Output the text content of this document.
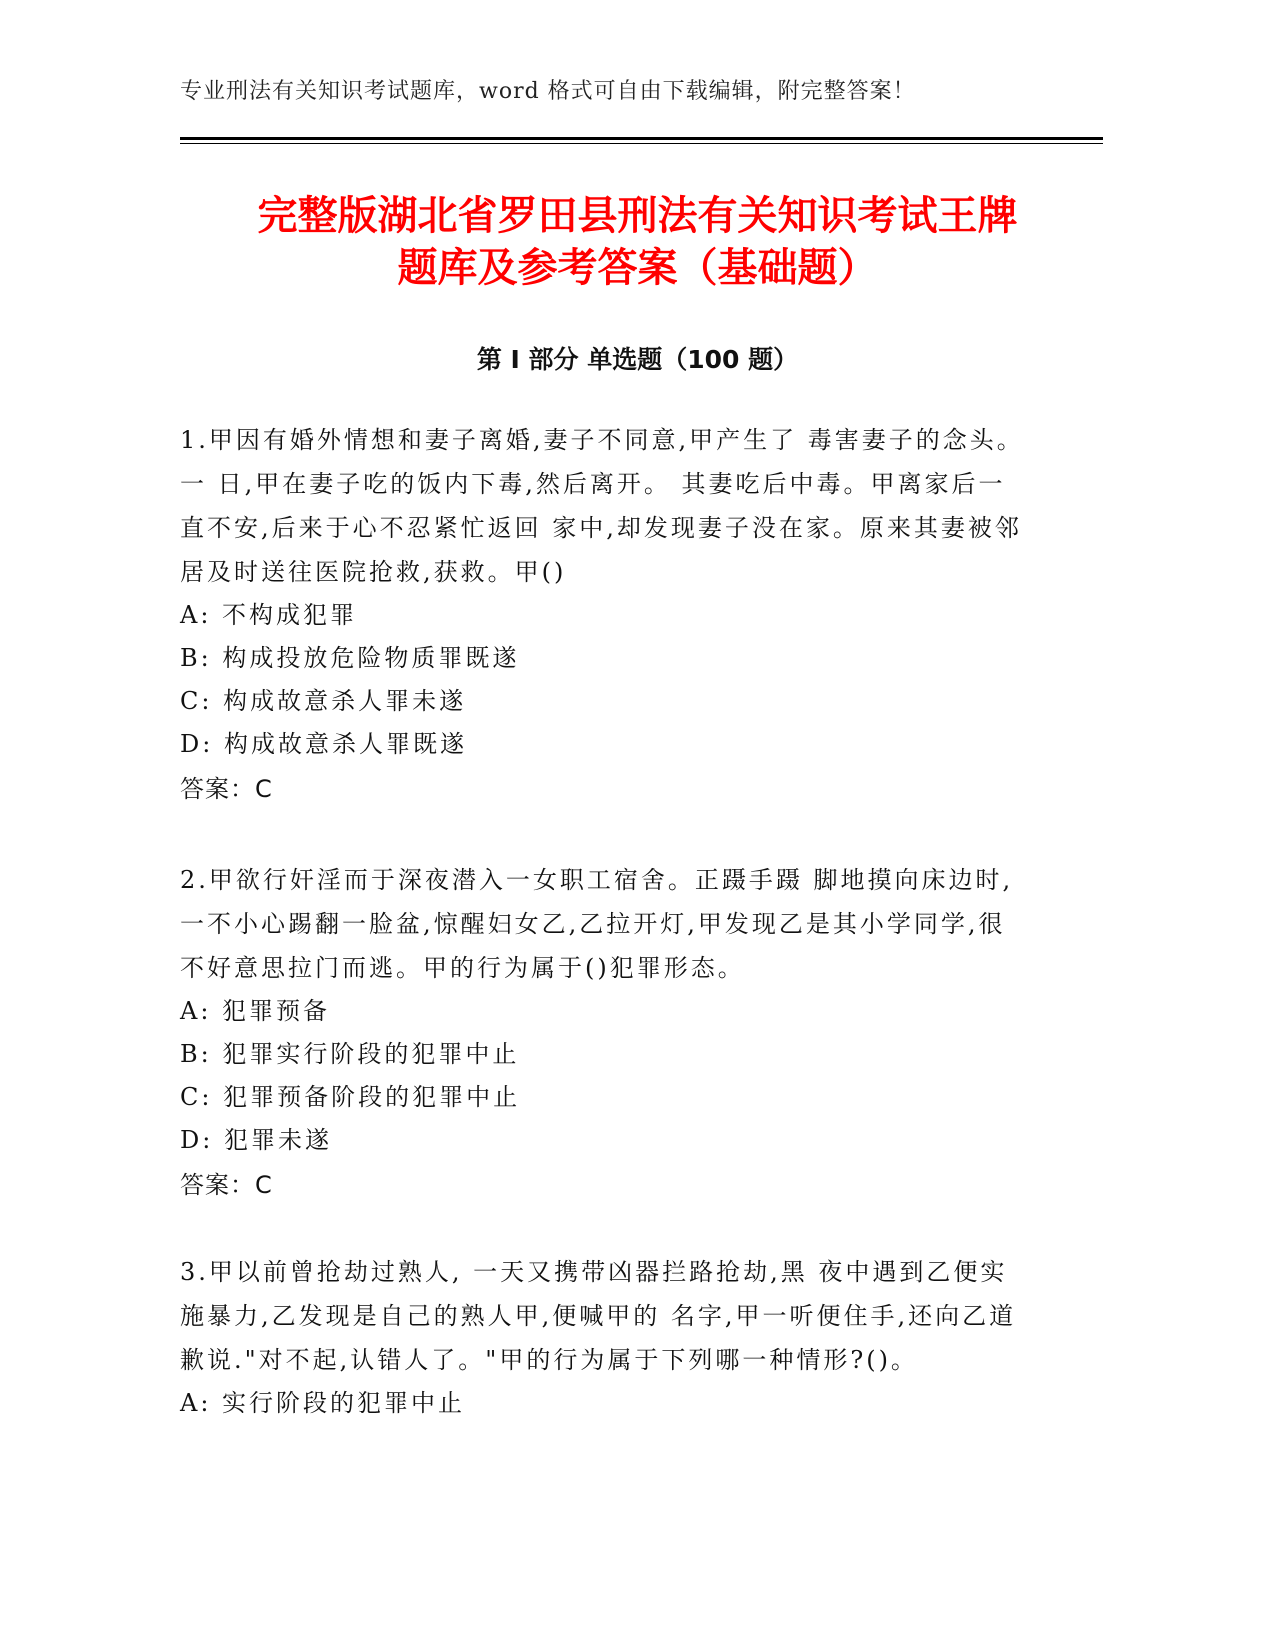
专业刑法有关知识考试题库，word 格式可自由下载编辑，附完整答案！
完整版湖北省罗田县刑法有关知识考试王牌
题库及参考答案（基础题）
第 I 部分 单选题（100 题）

1.甲因有婚外情想和妻子离婚,妻子不同意,甲产生了 毒害妻子的念头。 一 日,甲在妻子吃的饭内下毒,然后离开。 其妻吃后中毒。甲离家后一直不安,后来于心不忍紧忙返回 家中,却发现妻子没在家。原来其妻被邻居及时送往医院抢救,获救。甲()

A: 不构成犯罪

B: 构成投放危险物质罪既遂

C: 构成故意杀人罪未遂

D: 构成故意杀人罪既遂

答案：C

2.甲欲行奸淫而于深夜潜入一女职工宿舍。正蹑手蹑 脚地摸向床边时, 一不小心踢翻一脸盆,惊醒妇女乙,乙拉开灯,甲发现乙是其小学同学,很不好意思拉门而逃。甲的行为属于()犯罪形态。

A: 犯罪预备

B: 犯罪实行阶段的犯罪中止

C: 犯罪预备阶段的犯罪中止

D: 犯罪未遂

答案：C

3.甲以前曾抢劫过熟人, 一天又携带凶器拦路抢劫,黑 夜中遇到乙便实施暴力,乙发现是自己的熟人甲,便喊甲的 名字,甲一听便住手,还向乙道歉说."对不起,认错人了。"甲的行为属于下列哪一种情形?()。

A: 实行阶段的犯罪中止
